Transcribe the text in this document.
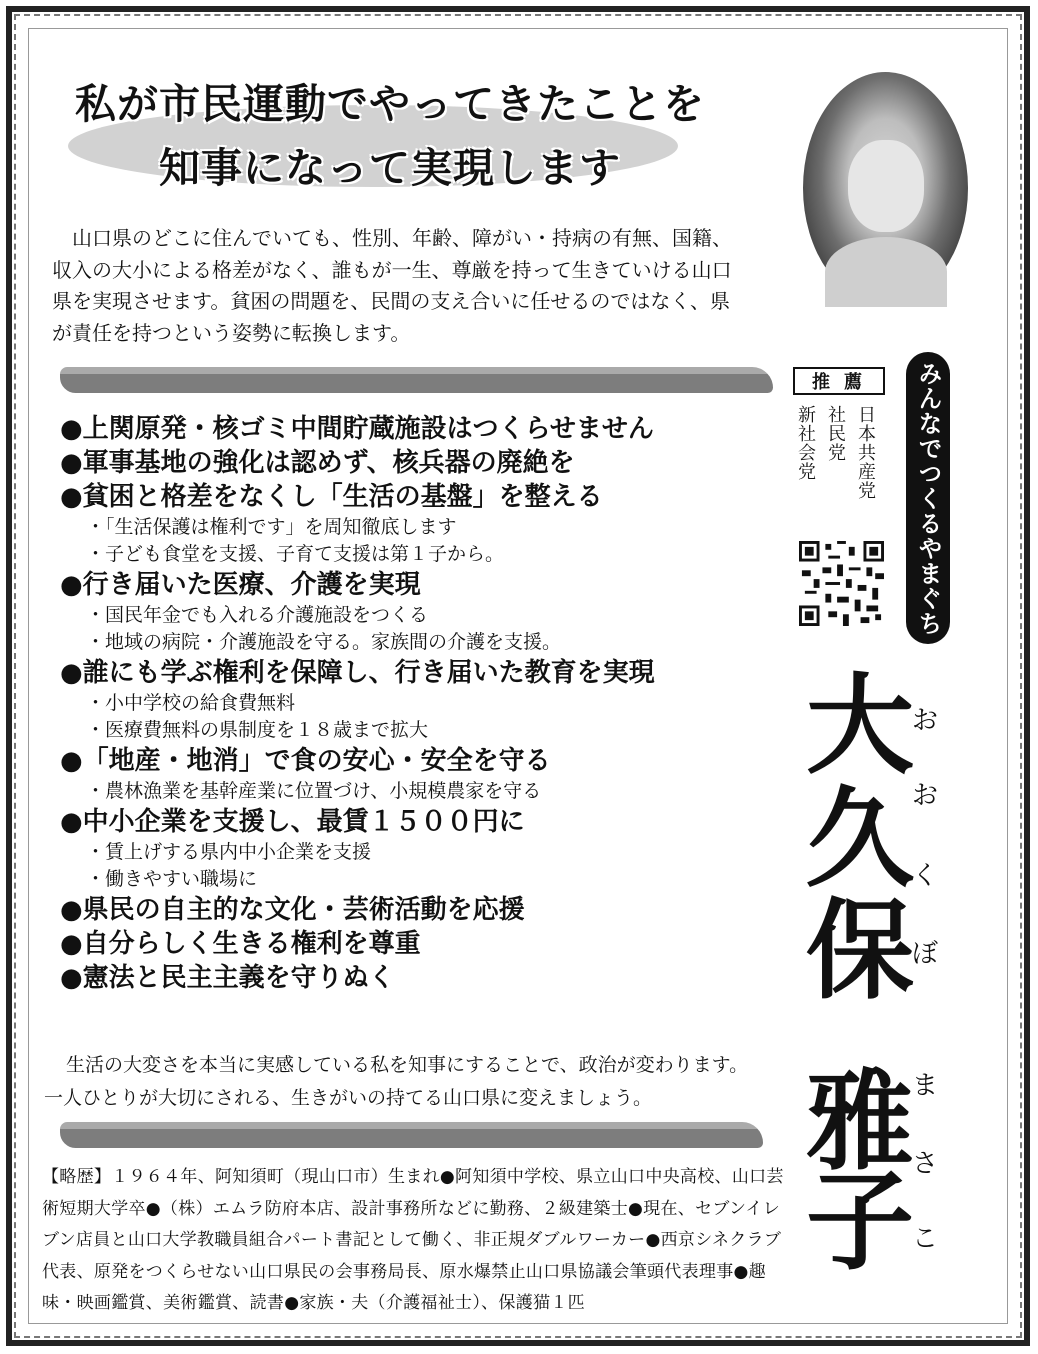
私が市民運動でやってきたことを
知事になって実現します

山口県のどこに住んでいても、性別、年齢、障がい・持病の有無、国籍、収入の大小による格差がなく、誰もが一生、尊厳を持って生きていける山口県を実現させます。貧困の問題を、民間の支え合いに任せるのではなく、県が責任を持つという姿勢に転換します。

●上関原発・核ゴミ中間貯蔵施設はつくらせません

●軍事基地の強化は認めず、核兵器の廃絶を

●貧困と格差をなくし「生活の基盤」を整える

・「生活保護は権利です」を周知徹底します

・子ども食堂を支援、子育て支援は第１子から。

●行き届いた医療、介護を実現

・国民年金でも入れる介護施設をつくる

・地域の病院・介護施設を守る。家族間の介護を支援。

●誰にも学ぶ権利を保障し、行き届いた教育を実現

・小中学校の給食費無料

・医療費無料の県制度を１８歳まで拡大

●「地産・地消」で食の安心・安全を守る

・農林漁業を基幹産業に位置づけ、小規模農家を守る

●中小企業を支援し、最賃１５００円に

・賃上げする県内中小企業を支援

・働きやすい職場に

●県民の自主的な文化・芸術活動を応援

●自分らしく生きる権利を尊重

●憲法と民主主義を守りぬく

推薦
日本共産党
社民党
新社会党	みんなでつくるやまぐち
大
久
保
雅
子
お
お
く
ぼ
ま
さ
こ

生活の大変さを本当に実感している私を知事にすることで、政治が変わります。

一人ひとりが大切にされる、生きがいの持てる山口県に変えましょう。

【略歴】１９６４年、阿知須町（現山口市）生まれ●阿知須中学校、県立山口中央高校、山口芸術短期大学卒●（株）エムラ防府本店、設計事務所などに勤務、２級建築士●現在、セブンイレブン店員と山口大学教職員組合パート書記として働く、非正規ダブルワーカー●西京シネクラブ代表、原発をつくらせない山口県民の会事務局長、原水爆禁止山口県協議会筆頭代表理事●趣味・映画鑑賞、美術鑑賞、読書●家族・夫（介護福祉士）、保護猫１匹
